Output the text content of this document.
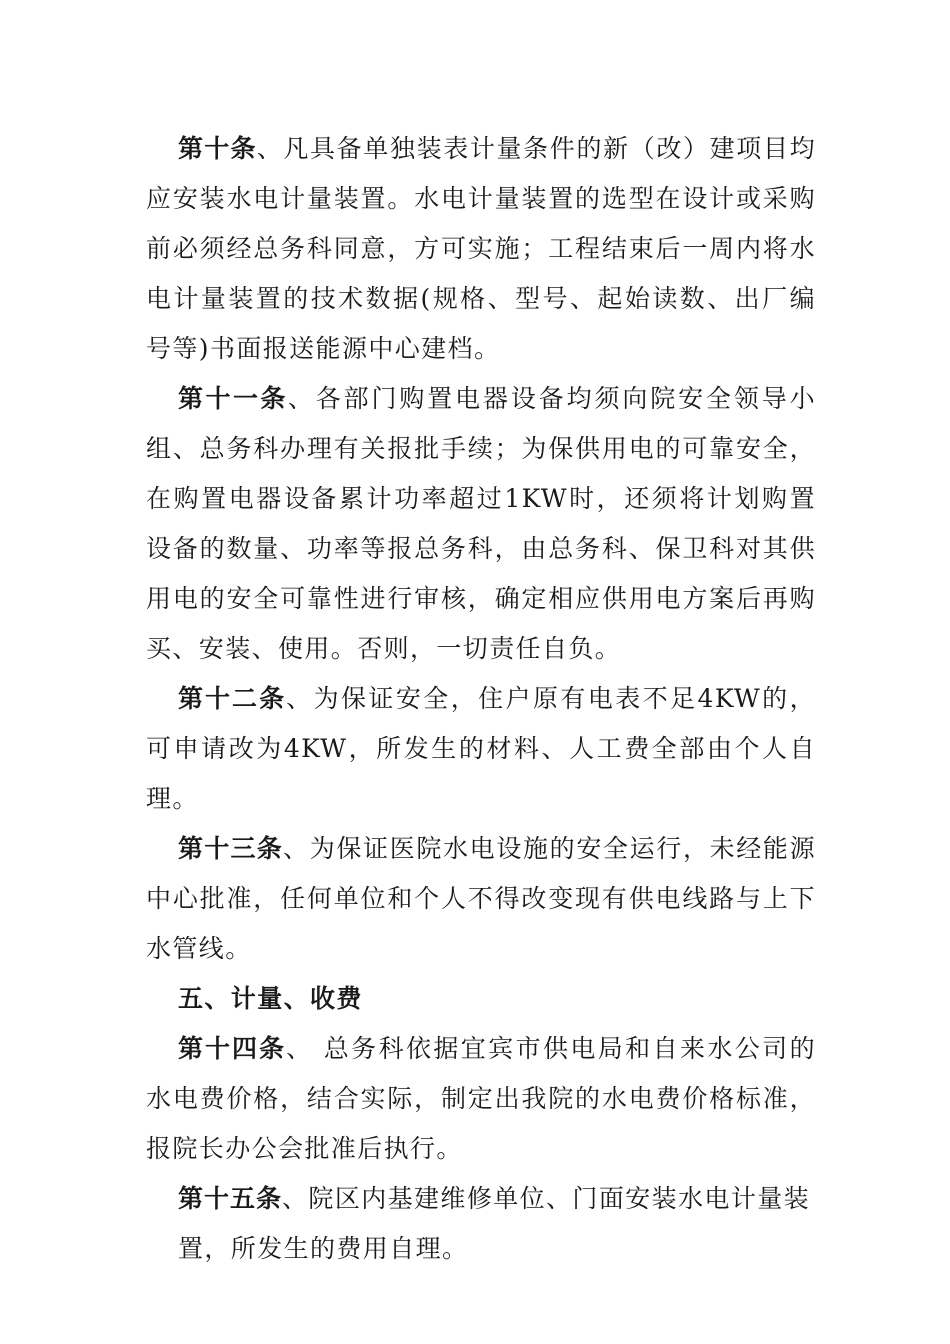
第十条、凡具备单独装表计量条件的新（改）建项目均应安装水电计量装置。水电计量装置的选型在设计或采购前必须经总务科同意，方可实施；工程结束后一周内将水电计量装置的技术数据(规格、型号、起始读数、出厂编号等)书面报送能源中心建档。

第十一条、各部门购置电器设备均须向院安全领导小组、总务科办理有关报批手续；为保供用电的可靠安全，在购置电器设备累计功率超过1KW时，还须将计划购置设备的数量、功率等报总务科，由总务科、保卫科对其供用电的安全可靠性进行审核，确定相应供用电方案后再购买、安装、使用。否则，一切责任自负。

第十二条、为保证安全，住户原有电表不足4KW的，可申请改为4KW，所发生的材料、人工费全部由个人自理。

第十三条、为保证医院水电设施的安全运行，未经能源中心批准，任何单位和个人不得改变现有供电线路与上下水管线。

五、计量、收费

第十四条、 总务科依据宜宾市供电局和自来水公司的水电费价格，结合实际，制定出我院的水电费价格标准，报院长办公会批准后执行。

第十五条、院区内基建维修单位、门面安装水电计量装置，所发生的费用自理。
